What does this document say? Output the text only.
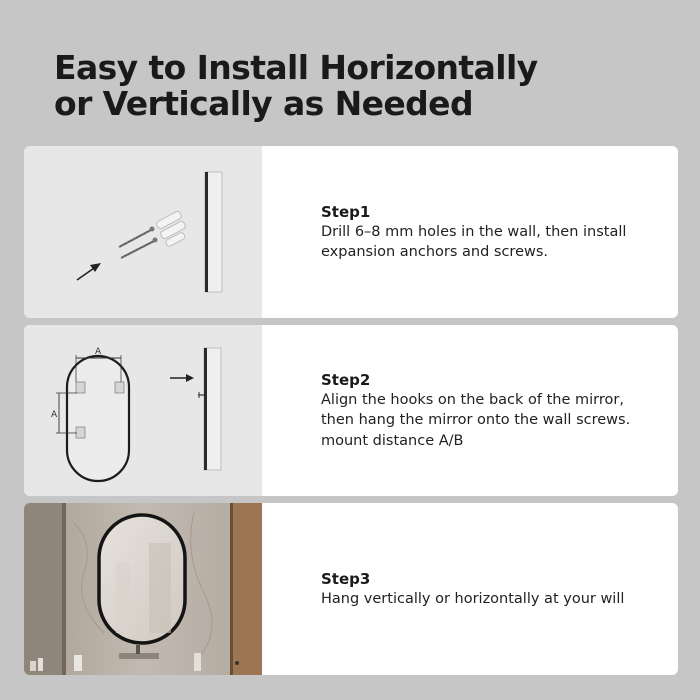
Easy to Install Horizontally
or Vertically as Needed
Step1
Drill 6–8 mm holes in the wall, then install
expansion anchors and screws.
A
A
Step2
Align the hooks on the back of the mirror,
then hang the mirror onto the wall screws.
mount distance A/B
Step3
Hang vertically or horizontally at your will
